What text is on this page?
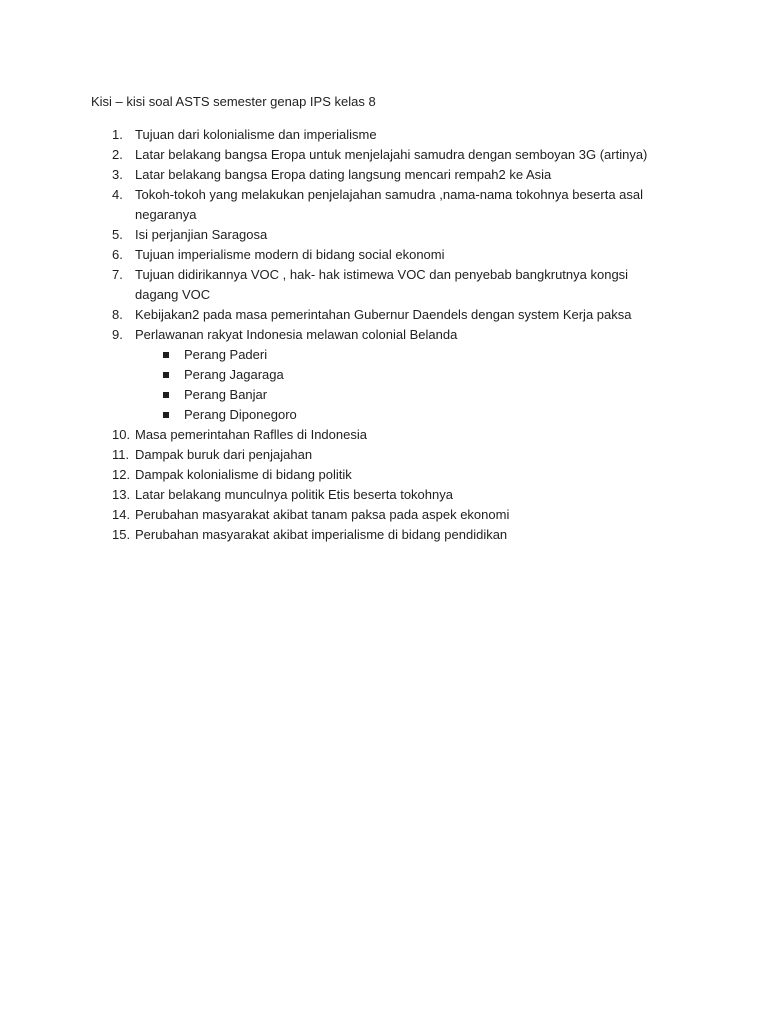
Kisi – kisi soal ASTS semester genap IPS kelas 8
1. Tujuan dari kolonialisme dan imperialisme
2. Latar belakang bangsa Eropa untuk menjelajahi samudra dengan semboyan 3G (artinya)
3. Latar belakang bangsa Eropa dating langsung mencari rempah2 ke Asia
4. Tokoh-tokoh yang melakukan penjelajahan samudra ,nama-nama tokohnya beserta asal negaranya
5. Isi perjanjian Saragosa
6. Tujuan imperialisme modern di bidang social ekonomi
7. Tujuan didirikannya VOC , hak- hak istimewa VOC dan penyebab bangkrutnya kongsi dagang VOC
8. Kebijakan2 pada masa pemerintahan Gubernur Daendels dengan system Kerja paksa
9. Perlawanan rakyat Indonesia melawan colonial Belanda
Perang Paderi
Perang Jagaraga
Perang Banjar
Perang Diponegoro
10. Masa pemerintahan Raflles di Indonesia
11. Dampak buruk dari penjajahan
12. Dampak kolonialisme di bidang politik
13. Latar belakang munculnya politik Etis beserta tokohnya
14. Perubahan masyarakat akibat tanam paksa pada aspek ekonomi
15. Perubahan masyarakat akibat imperialisme di bidang pendidikan
